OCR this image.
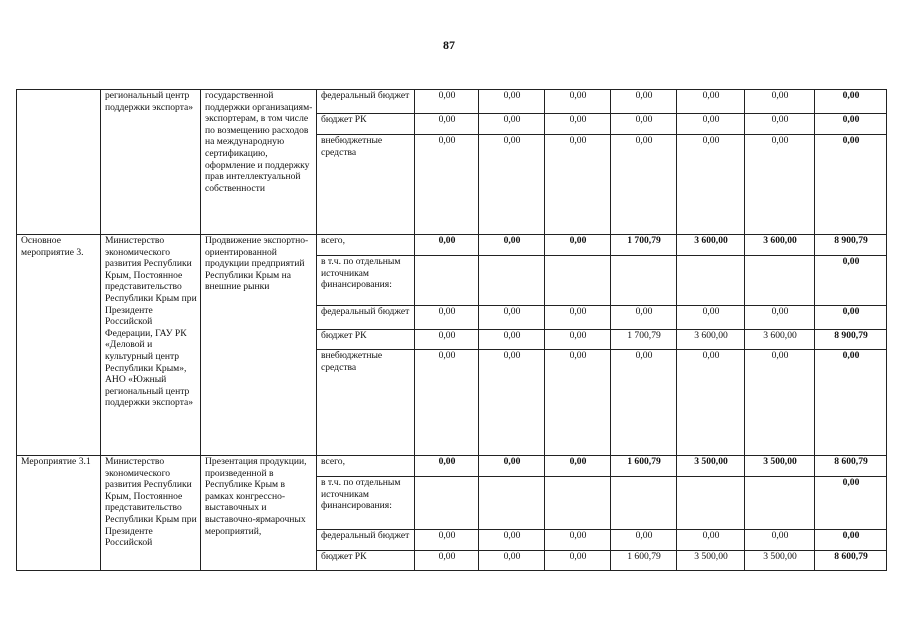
87
	региональный центр поддержки экспорта»	государственной поддержки организациям-экспортерам, в том числе по возмещению расходов на международную сертификацию, оформление и поддержку прав интеллектуальной собственности	федеральный бюджет	0,00	0,00	0,00	0,00	0,00	0,00	0,00
			бюджет РК	0,00	0,00	0,00	0,00	0,00	0,00	0,00
			внебюджетные средства	0,00	0,00	0,00	0,00	0,00	0,00	0,00
Основное мероприятие 3.	Министерство экономического развития Республики Крым, Постоянное представительство Республики Крым при Президенте Российской Федерации, ГАУ РК «Деловой и культурный центр Республики Крым», АНО «Южный региональный центр поддержки экспорта»	Продвижение экспортно-ориентированной продукции предприятий Республики Крым на внешние рынки	всего,	0,00	0,00	0,00	1 700,79	3 600,00	3 600,00	8 900,79
			в т.ч. по отдельным источникам финансирования:							0,00
			федеральный бюджет	0,00	0,00	0,00	0,00	0,00	0,00	0,00
			бюджет РК	0,00	0,00	0,00	1 700,79	3 600,00	3 600,00	8 900,79
			внебюджетные средства	0,00	0,00	0,00	0,00	0,00	0,00	0,00
Мероприятие 3.1	Министерство экономического развития Республики Крым, Постоянное представительство Республики Крым при Президенте Российской	Презентация продукции, произведенной в Республике Крым в рамках конгрессно-выставочных и выставочно-ярмарочных мероприятий,	всего,	0,00	0,00	0,00	1 600,79	3 500,00	3 500,00	8 600,79
			в т.ч. по отдельным источникам финансирования:							0,00
			федеральный бюджет	0,00	0,00	0,00	0,00	0,00	0,00	0,00
			бюджет РК	0,00	0,00	0,00	1 600,79	3 500,00	3 500,00	8 600,79
